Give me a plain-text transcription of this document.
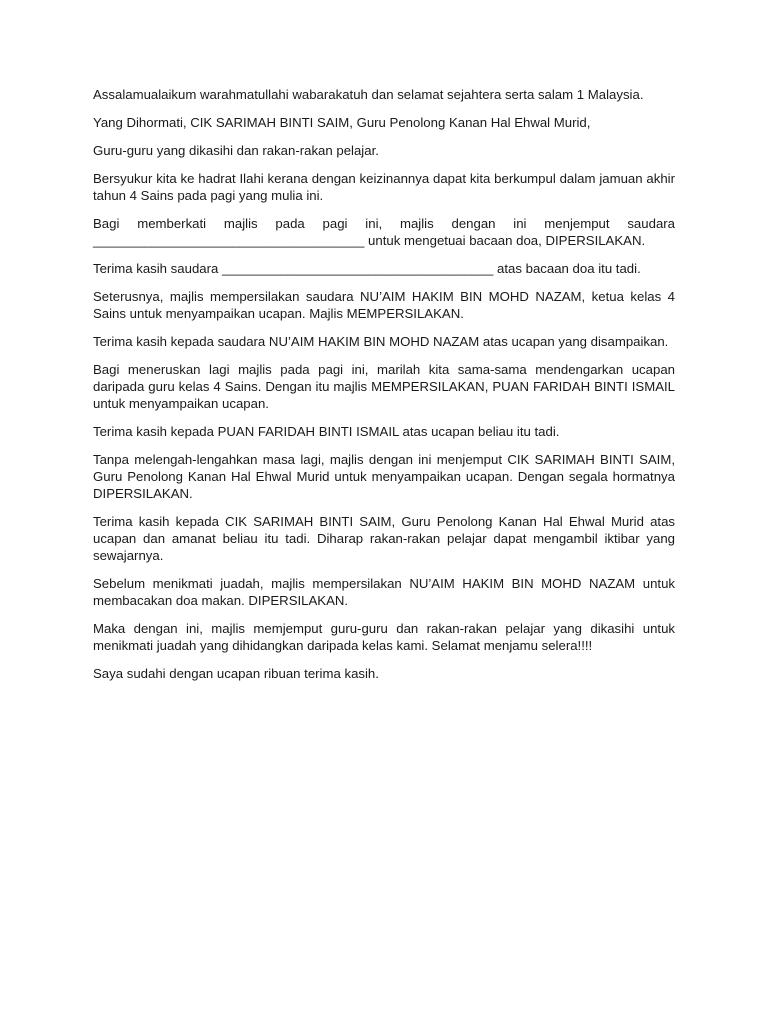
Assalamualaikum warahmatullahi wabarakatuh dan selamat sejahtera serta salam 1 Malaysia.

Yang Dihormati, CIK SARIMAH BINTI SAIM, Guru Penolong Kanan Hal Ehwal Murid,

Guru-guru yang dikasihi dan rakan-rakan pelajar.

Bersyukur kita ke hadrat Ilahi kerana dengan keizinannya dapat kita berkumpul dalam jamuan akhir tahun 4 Sains pada pagi yang mulia ini.

Bagi memberkati majlis pada pagi ini, majlis dengan ini menjemput saudara _____________________________________ untuk mengetuai bacaan doa, DIPERSILAKAN.

Terima kasih saudara _____________________________________ atas bacaan doa itu tadi.

Seterusnya, majlis mempersilakan saudara NU’AIM HAKIM BIN MOHD NAZAM, ketua kelas 4 Sains untuk menyampaikan ucapan. Majlis MEMPERSILAKAN.

Terima kasih kepada saudara NU’AIM HAKIM BIN MOHD NAZAM atas ucapan yang disampaikan.

Bagi meneruskan lagi majlis pada pagi ini, marilah kita sama-sama mendengarkan ucapan daripada guru kelas 4 Sains. Dengan itu majlis MEMPERSILAKAN, PUAN FARIDAH BINTI ISMAIL untuk menyampaikan ucapan.

Terima kasih kepada PUAN FARIDAH BINTI ISMAIL atas ucapan beliau itu tadi.

Tanpa melengah-lengahkan masa lagi, majlis dengan ini menjemput CIK SARIMAH BINTI SAIM, Guru Penolong Kanan Hal Ehwal Murid untuk menyampaikan ucapan. Dengan segala hormatnya DIPERSILAKAN.

Terima kasih kepada CIK SARIMAH BINTI SAIM, Guru Penolong Kanan Hal Ehwal Murid atas ucapan dan amanat beliau itu tadi. Diharap rakan-rakan pelajar dapat mengambil iktibar yang sewajarnya.

Sebelum menikmati juadah, majlis mempersilakan NU’AIM HAKIM BIN MOHD NAZAM untuk membacakan doa makan. DIPERSILAKAN.

Maka dengan ini, majlis memjemput guru-guru dan rakan-rakan pelajar yang dikasihi untuk menikmati juadah yang dihidangkan daripada kelas kami. Selamat menjamu selera!!!!

Saya sudahi dengan ucapan ribuan terima kasih.
